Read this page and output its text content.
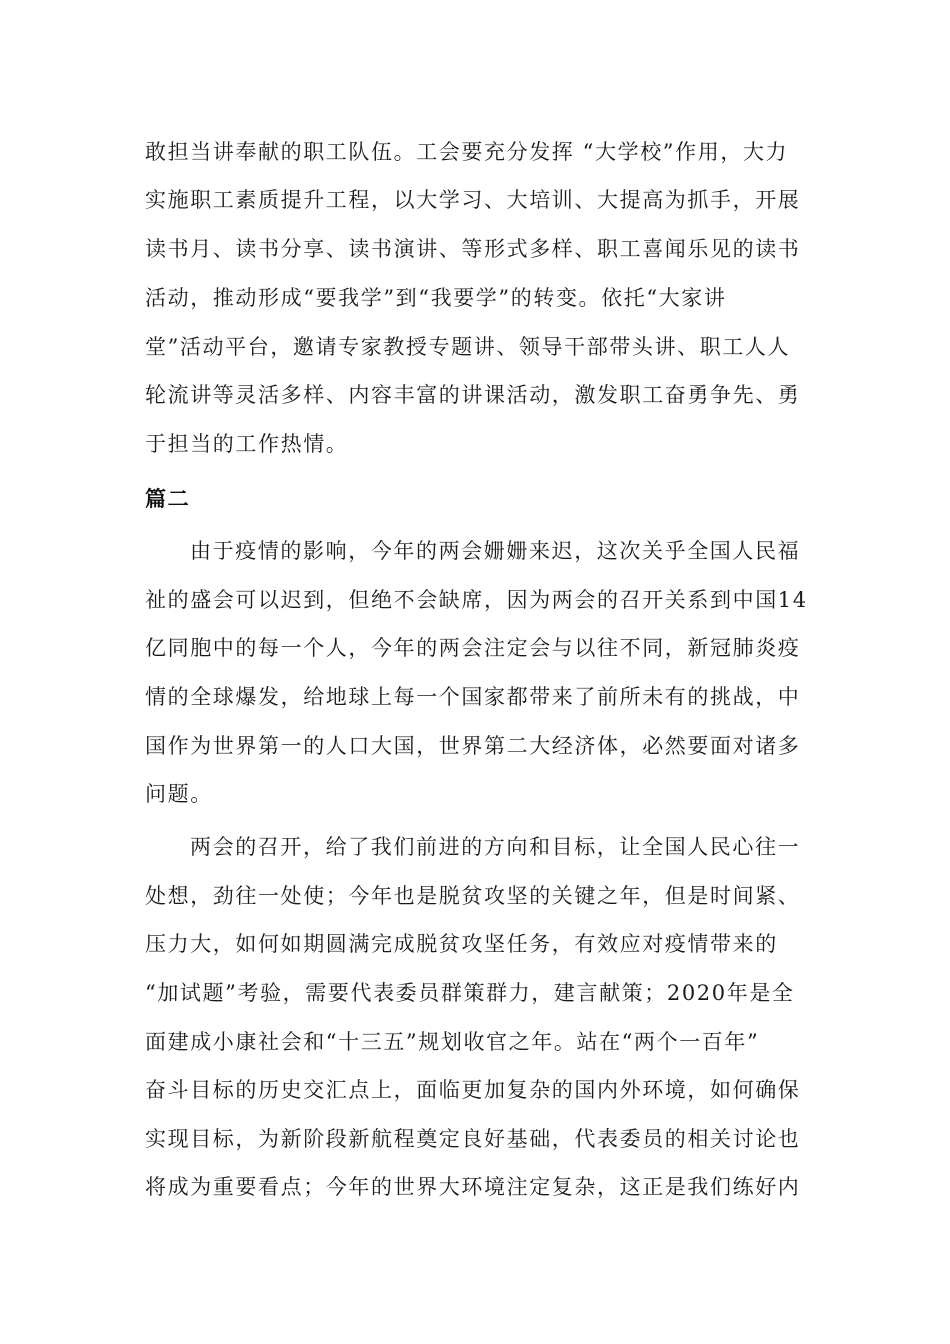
敢担当讲奉献的职工队伍。工会要充分发挥 “大学校”作用，大力
实施职工素质提升工程，以大学习、大培训、大提高为抓手，开展
读书月、读书分享、读书演讲、等形式多样、职工喜闻乐见的读书
活动，推动形成“要我学”到“我要学”的转变。依托“大家讲
堂”活动平台，邀请专家教授专题讲、领导干部带头讲、职工人人
轮流讲等灵活多样、内容丰富的讲课活动，激发职工奋勇争先、勇
于担当的工作热情。
篇二
由于疫情的影响，今年的两会姗姗来迟，这次关乎全国人民福
祉的盛会可以迟到，但绝不会缺席，因为两会的召开关系到中国14
亿同胞中的每一个人，今年的两会注定会与以往不同，新冠肺炎疫
情的全球爆发，给地球上每一个国家都带来了前所未有的挑战，中
国作为世界第一的人口大国，世界第二大经济体，必然要面对诸多
问题。
两会的召开，给了我们前进的方向和目标，让全国人民心往一
处想，劲往一处使；今年也是脱贫攻坚的关键之年，但是时间紧、
压力大，如何如期圆满完成脱贫攻坚任务，有效应对疫情带来的
“加试题”考验，需要代表委员群策群力，建言献策；2020年是全
面建成小康社会和“十三五”规划收官之年。站在“两个一百年”
奋斗目标的历史交汇点上，面临更加复杂的国内外环境，如何确保
实现目标，为新阶段新航程奠定良好基础，代表委员的相关讨论也
将成为重要看点；今年的世界大环境注定复杂，这正是我们练好内
